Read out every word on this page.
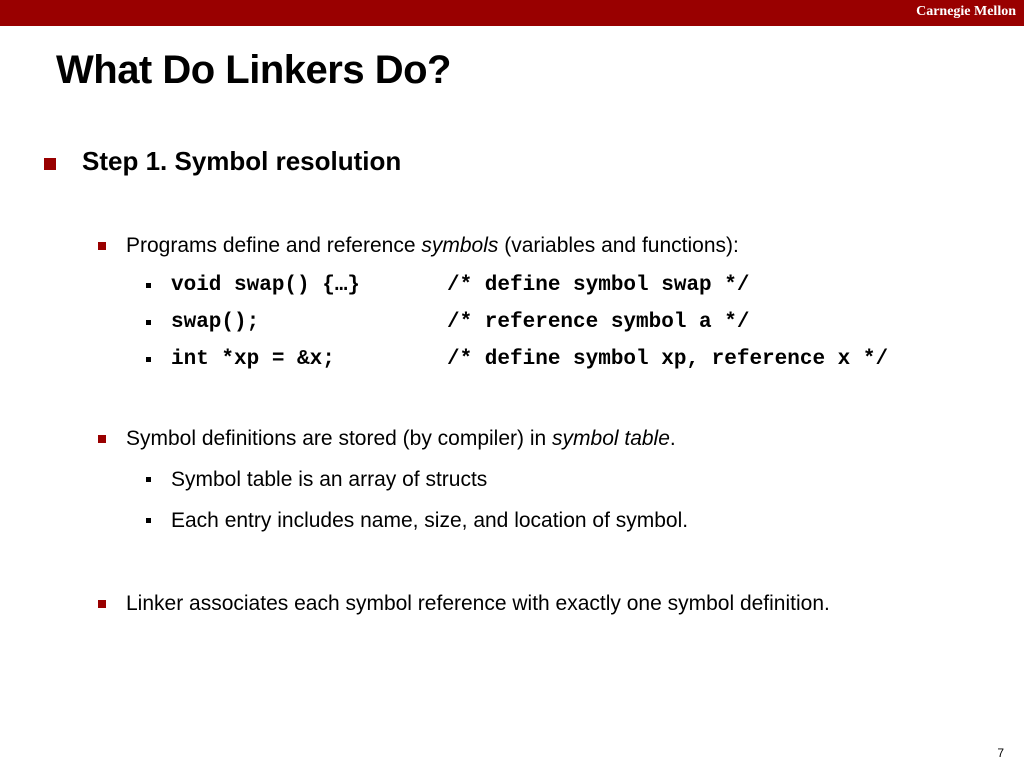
Carnegie Mellon
What Do Linkers Do?
Step 1. Symbol resolution
Programs define and reference symbols (variables and functions):
void swap() {…}	/* define symbol swap */
swap();	/* reference symbol a */
int *xp = &x;	/* define symbol xp, reference x */
Symbol definitions are stored (by compiler) in symbol table.
Symbol table is an array of structs
Each entry includes name, size, and location of symbol.
Linker associates each symbol reference with exactly one symbol definition.
7
